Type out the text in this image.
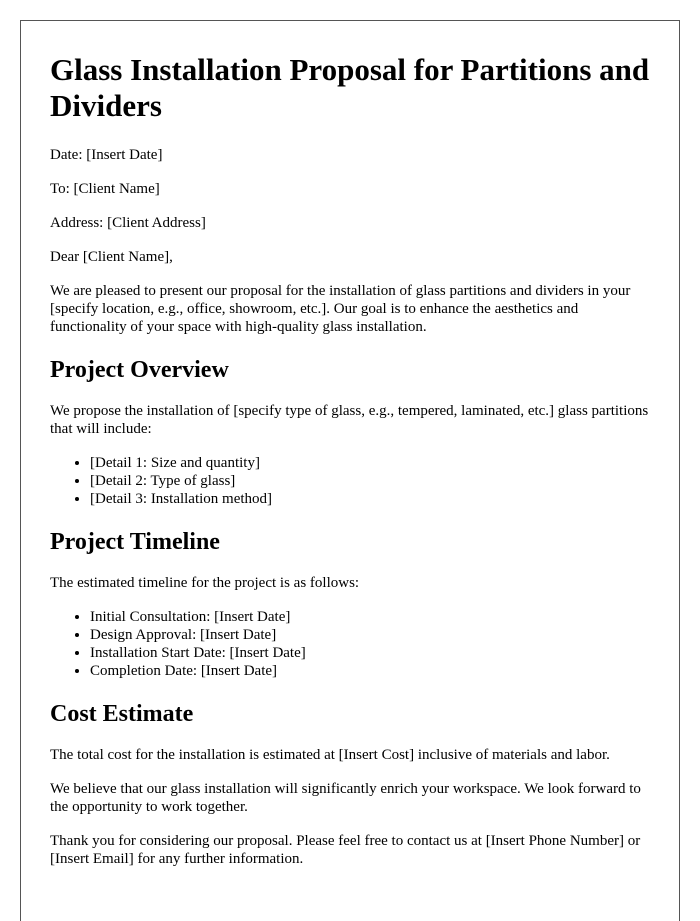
Glass Installation Proposal for Partitions and Dividers

Date: [Insert Date]

To: [Client Name]

Address: [Client Address]

Dear [Client Name],

We are pleased to present our proposal for the installation of glass partitions and dividers in your [specify location, e.g., office, showroom, etc.]. Our goal is to enhance the aesthetics and functionality of your space with high-quality glass installation.

Project Overview

We propose the installation of [specify type of glass, e.g., tempered, laminated, etc.] glass partitions that will include:

• [Detail 1: Size and quantity]
• [Detail 2: Type of glass]
• [Detail 3: Installation method]
Project Timeline

The estimated timeline for the project is as follows:

• Initial Consultation: [Insert Date]
• Design Approval: [Insert Date]
• Installation Start Date: [Insert Date]
• Completion Date: [Insert Date]
Cost Estimate

The total cost for the installation is estimated at [Insert Cost] inclusive of materials and labor.

We believe that our glass installation will significantly enrich your workspace. We look forward to the opportunity to work together.

Thank you for considering our proposal. Please feel free to contact us at [Insert Phone Number] or [Insert Email] for any further information.
